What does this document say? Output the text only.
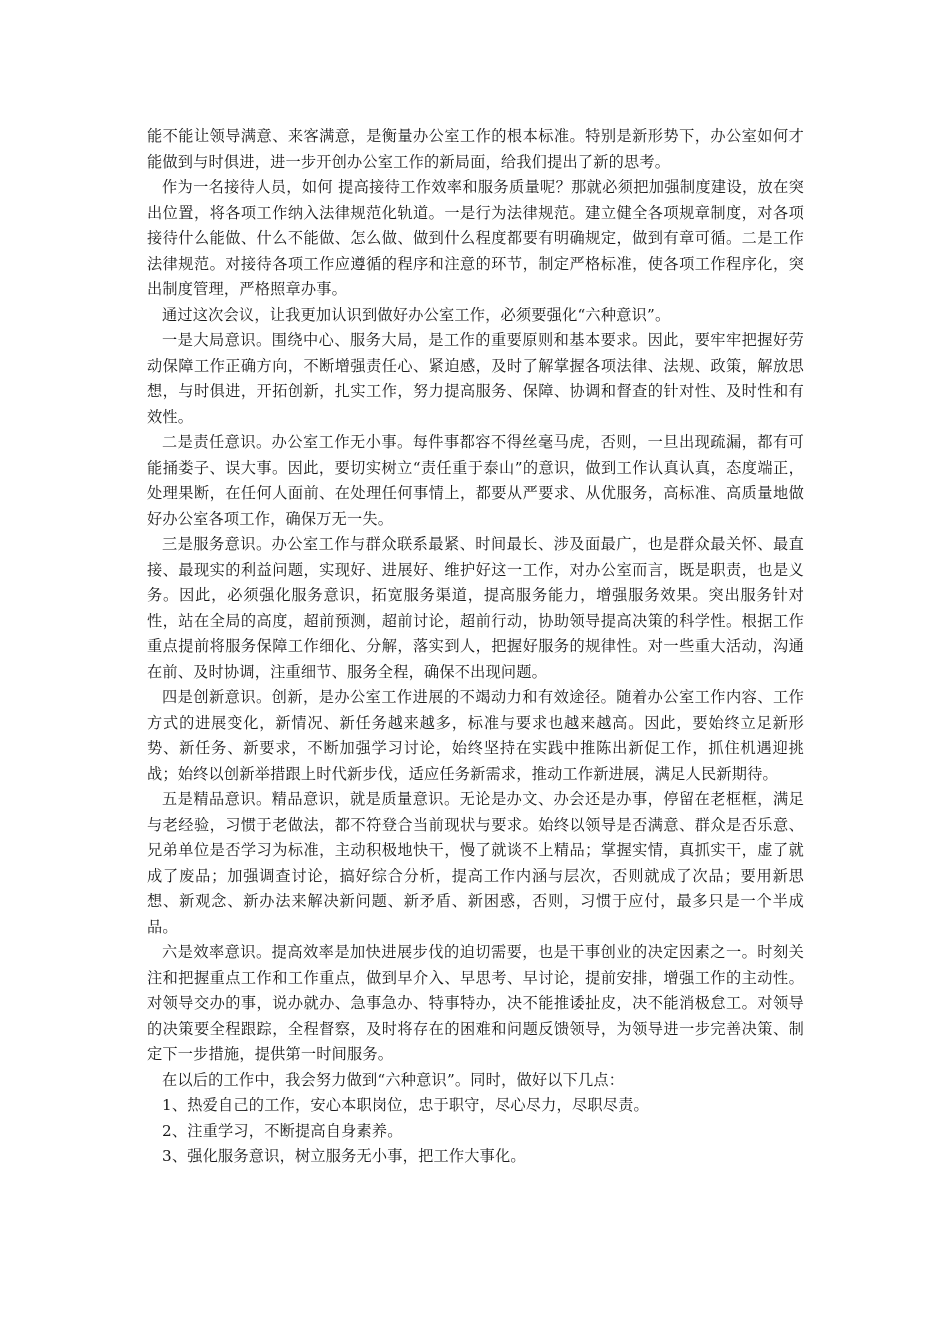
能不能让领导满意、来客满意，是衡量办公室工作的根本标准。特别是新形势下，办公室如何才能做到与时俱进，进一步开创办公室工作的新局面，给我们提出了新的思考。

作为一名接待人员，如何 提高接待工作效率和服务质量呢？那就必须把加强制度建设，放在突出位置，将各项工作纳入法律规范化轨道。一是行为法律规范。建立健全各项规章制度，对各项接待什么能做、什么不能做、怎么做、做到什么程度都要有明确规定，做到有章可循。二是工作法律规范。对接待各项工作应遵循的程序和注意的环节，制定严格标准，使各项工作程序化，突出制度管理，严格照章办事。

通过这次会议，让我更加认识到做好办公室工作，必须要强化“六种意识”。

一是大局意识。围绕中心、服务大局，是工作的重要原则和基本要求。因此，要牢牢把握好劳动保障工作正确方向，不断增强责任心、紧迫感，及时了解掌握各项法律、法规、政策，解放思想，与时俱进，开拓创新，扎实工作，努力提高服务、保障、协调和督查的针对性、及时性和有效性。

二是责任意识。办公室工作无小事。每件事都容不得丝毫马虎，否则，一旦出现疏漏，都有可能捅娄子、误大事。因此，要切实树立“责任重于泰山”的意识，做到工作认真认真，态度端正，处理果断，在任何人面前、在处理任何事情上，都要从严要求、从优服务，高标准、高质量地做好办公室各项工作，确保万无一失。

三是服务意识。办公室工作与群众联系最紧、时间最长、涉及面最广，也是群众最关怀、最直接、最现实的利益问题，实现好、进展好、维护好这一工作，对办公室而言，既是职责，也是义务。因此，必须强化服务意识，拓宽服务渠道，提高服务能力，增强服务效果。突出服务针对性，站在全局的高度，超前预测，超前讨论，超前行动，协助领导提高决策的科学性。根据工作重点提前将服务保障工作细化、分解，落实到人，把握好服务的规律性。对一些重大活动，沟通在前、及时协调，注重细节、服务全程，确保不出现问题。

四是创新意识。创新，是办公室工作进展的不竭动力和有效途径。随着办公室工作内容、工作方式的进展变化，新情况、新任务越来越多，标准与要求也越来越高。因此，要始终立足新形势、新任务、新要求，不断加强学习讨论，始终坚持在实践中推陈出新促工作，抓住机遇迎挑战；始终以创新举措跟上时代新步伐，适应任务新需求，推动工作新进展，满足人民新期待。

五是精品意识。精品意识，就是质量意识。无论是办文、办会还是办事，停留在老框框，满足与老经验，习惯于老做法，都不符登合当前现状与要求。始终以领导是否满意、群众是否乐意、兄弟单位是否学习为标准，主动积极地快干，慢了就谈不上精品；掌握实情，真抓实干，虚了就成了废品；加强调查讨论，搞好综合分析，提高工作内涵与层次，否则就成了次品；要用新思想、新观念、新办法来解决新问题、新矛盾、新困惑，否则，习惯于应付，最多只是一个半成品。

六是效率意识。提高效率是加快进展步伐的迫切需要，也是干事创业的决定因素之一。时刻关注和把握重点工作和工作重点，做到早介入、早思考、早讨论，提前安排，增强工作的主动性。对领导交办的事，说办就办、急事急办、特事特办，决不能推诿扯皮，决不能消极怠工。对领导的决策要全程跟踪，全程督察，及时将存在的困难和问题反馈领导，为领导进一步完善决策、制定下一步措施，提供第一时间服务。

在以后的工作中，我会努力做到“六种意识”。同时，做好以下几点：

1、热爱自己的工作，安心本职岗位，忠于职守，尽心尽力，尽职尽责。

2、注重学习，不断提高自身素养。

3、强化服务意识，树立服务无小事，把工作大事化。
